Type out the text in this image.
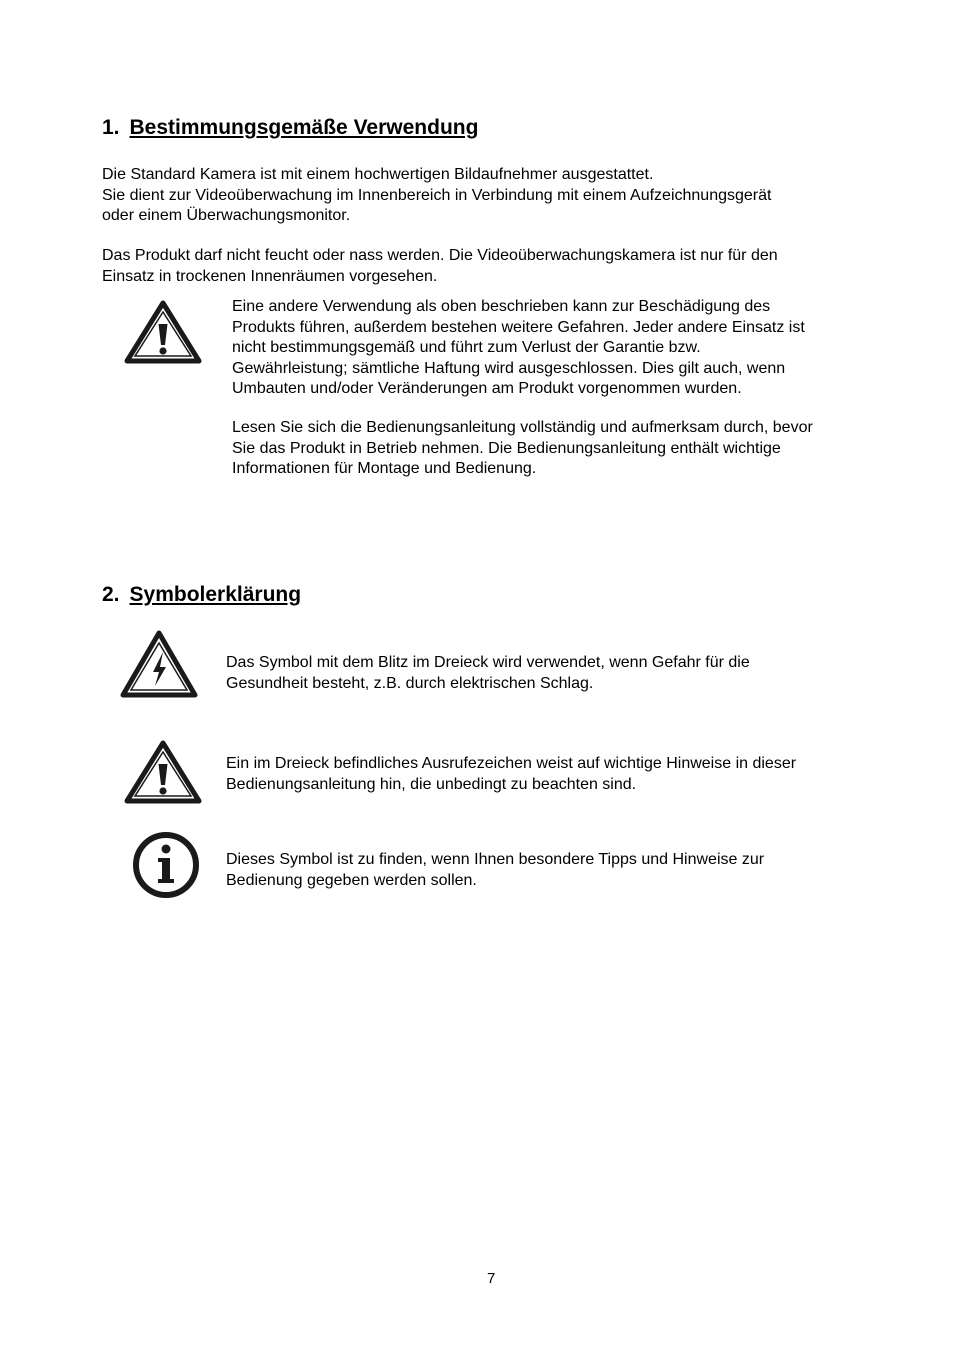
1. Bestimmungsgemäße Verwendung

Die Standard Kamera ist mit einem hochwertigen Bildaufnehmer ausgestattet.
Sie dient zur Videoüberwachung im Innenbereich in Verbindung mit einem Aufzeichnungsgerät
oder einem Überwachungsmonitor.

Das Produkt darf nicht feucht oder nass werden. Die Videoüberwachungskamera ist nur für den
Einsatz in trockenen Innenräumen vorgesehen.

Eine andere Verwendung als oben beschrieben kann zur Beschädigung des
Produkts führen, außerdem bestehen weitere Gefahren. Jeder andere Einsatz ist
nicht bestimmungsgemäß und führt zum Verlust der Garantie bzw.
Gewährleistung; sämtliche Haftung wird ausgeschlossen. Dies gilt auch, wenn
Umbauten und/oder Veränderungen am Produkt vorgenommen wurden.

Lesen Sie sich die Bedienungsanleitung vollständig und aufmerksam durch, bevor
Sie das Produkt in Betrieb nehmen. Die Bedienungsanleitung enthält wichtige
Informationen für Montage und Bedienung.

2. Symbolerklärung

Das Symbol mit dem Blitz im Dreieck wird verwendet, wenn Gefahr für die
Gesundheit besteht, z.B. durch elektrischen Schlag.

Ein im Dreieck befindliches Ausrufezeichen weist auf wichtige Hinweise in dieser
Bedienungsanleitung hin, die unbedingt zu beachten sind.

Dieses Symbol ist zu finden, wenn Ihnen besondere Tipps und Hinweise zur
Bedienung gegeben werden sollen.

7
